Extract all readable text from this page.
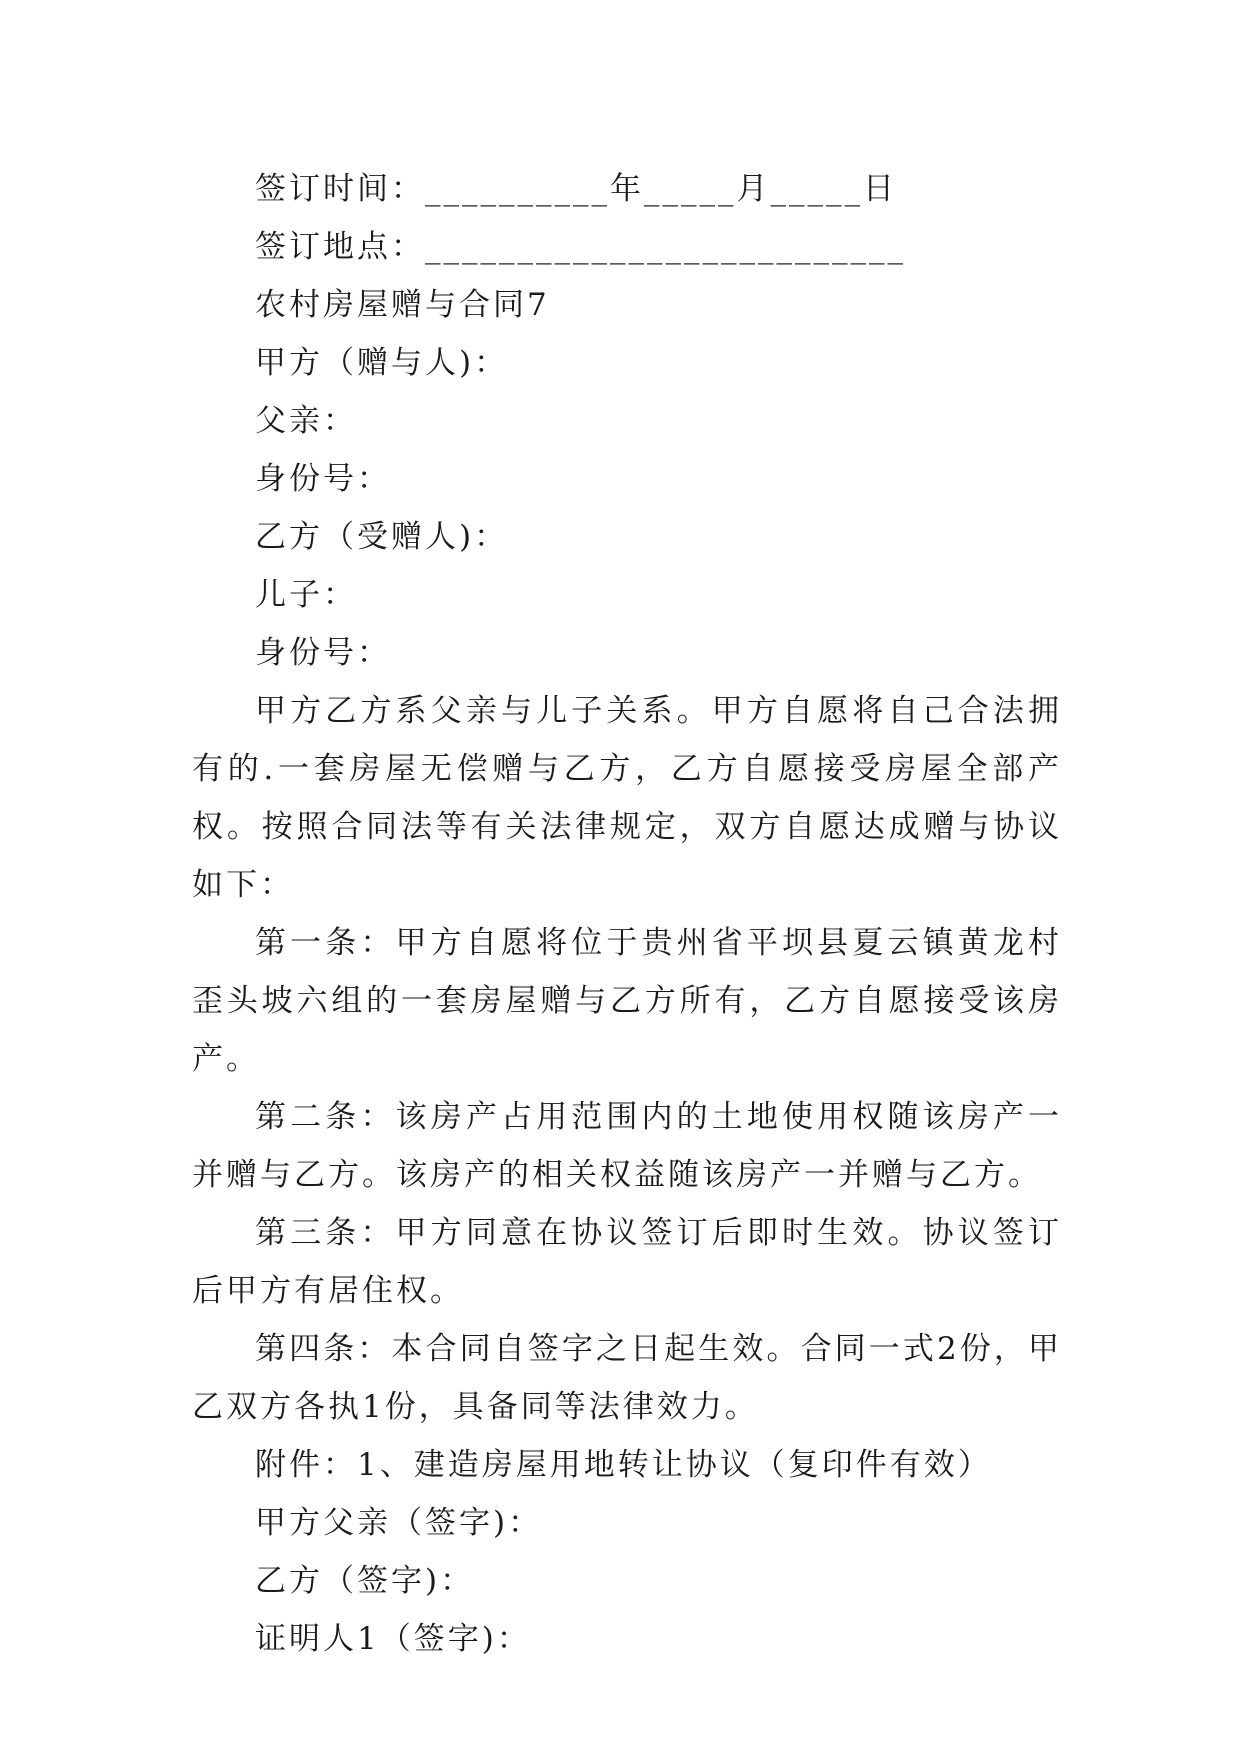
签订时间：__________年_____月_____日
签订地点：__________________________
农村房屋赠与合同7
甲方（赠与人)：
父亲：
身份号：
乙方（受赠人)：
儿子：
身份号：

甲方乙方系父亲与儿子关系。甲方自愿将自己合法拥有的.一套房屋无偿赠与乙方，乙方自愿接受房屋全部产权。按照合同法等有关法律规定，双方自愿达成赠与协议如下：

第一条：甲方自愿将位于贵州省平坝县夏云镇黄龙村歪头坡六组的一套房屋赠与乙方所有，乙方自愿接受该房产。

第二条：该房产占用范围内的土地使用权随该房产一并赠与乙方。该房产的相关权益随该房产一并赠与乙方。

第三条：甲方同意在协议签订后即时生效。协议签订后甲方有居住权。

第四条：本合同自签字之日起生效。合同一式2份，甲乙双方各执1份，具备同等法律效力。

附件：1、建造房屋用地转让协议（复印件有效）
甲方父亲（签字)：
乙方（签字)：
证明人1（签字)：
